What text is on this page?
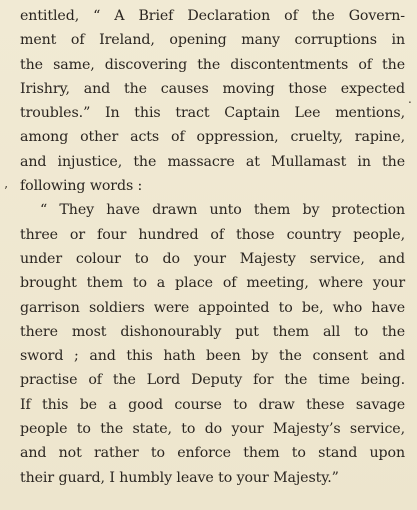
entitled, “ A Brief Declaration of the Govern-
ment of Ireland, opening many corruptions in
the same, discovering the discontentments of the
Irishry, and the causes moving those expected
troubles.” In this tract Captain Lee mentions,
among other acts of oppression, cruelty, rapine,
and injustice, the massacre at Mullamast in the
following words :
“ They have drawn unto them by protection
three or four hundred of those country people,
under colour to do your Majesty service, and
brought them to a place of meeting, where your
garrison soldiers were appointed to be, who have
there most dishonourably put them all to the
sword ; and this hath been by the consent and
practise of the Lord Deputy for the time being.
If this be a good course to draw these savage
people to the state, to do your Majesty’s service,
and not rather to enforce them to stand upon
their guard, I humbly leave to your Majesty.”
.
’
